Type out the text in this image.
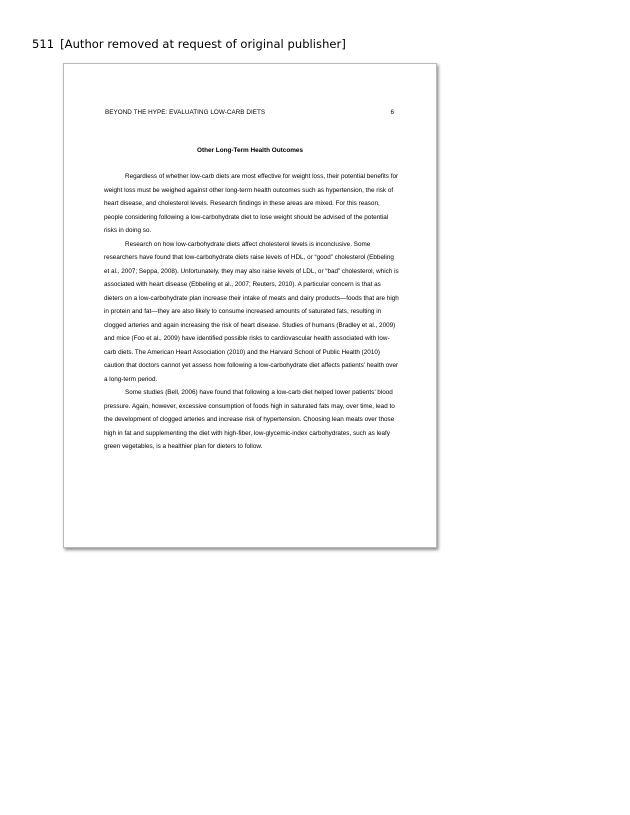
511 [Author removed at request of original publisher]
BEYOND THE HYPE: EVALUATING LOW-CARB DIETS	6
Other Long-Term Health Outcomes

Regardless of whether low-carb diets are most effective for weight loss, their potential benefits for weight loss must be weighed against other long-term health outcomes such as hypertension, the risk of heart disease, and cholesterol levels. Research findings in these areas are mixed. For this reason, people considering following a low-carbohydrate diet to lose weight should be advised of the potential risks in doing so.

Research on how low-carbohydrate diets affect cholesterol levels is inconclusive. Some researchers have found that low-carbohydrate diets raise levels of HDL, or “good” cholesterol (Ebbeling et al., 2007; Seppa, 2008). Unfortunately, they may also raise levels of LDL, or “bad” cholesterol, which is associated with heart disease (Ebbeling et al., 2007; Reuters, 2010). A particular concern is that as dieters on a low-carbohydrate plan increase their intake of meats and dairy products—foods that are high in protein and fat—they are also likely to consume increased amounts of saturated fats, resulting in clogged arteries and again increasing the risk of heart disease. Studies of humans (Bradley et al., 2009) and mice (Foo et al., 2009) have identified possible risks to cardiovascular health associated with low-carb diets. The American Heart Association (2010) and the Harvard School of Public Health (2010) caution that doctors cannot yet assess how following a low-carbohydrate diet affects patients’ health over a long-term period.

Some studies (Bell, 2006) have found that following a low-carb diet helped lower patients’ blood pressure. Again, however, excessive consumption of foods high in saturated fats may, over time, lead to the development of clogged arteries and increase risk of hypertension. Choosing lean meats over those high in fat and supplementing the diet with high-fiber, low-glycemic-index carbohydrates, such as leafy green vegetables, is a healthier plan for dieters to follow.
